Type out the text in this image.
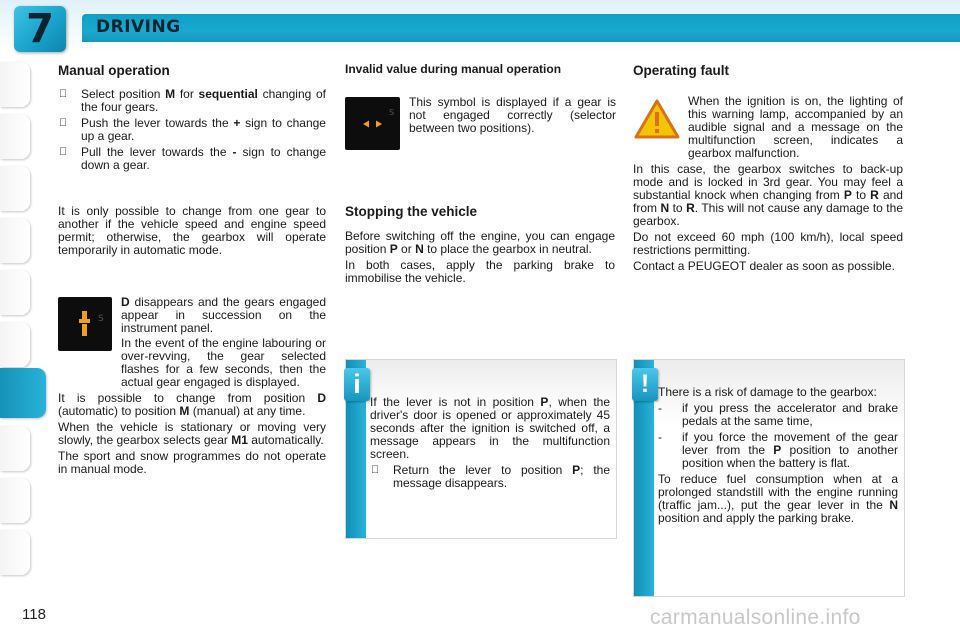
7	DRIVING
Manual operation
Select position M for sequential changing of the four gears.
Push the lever towards the + sign to change up a gear.
Pull the lever towards the - sign to change down a gear.

It is only possible to change from one gear to another if the vehicle speed and engine speed permit; otherwise, the gearbox will operate temporarily in automatic mode.

S
D disappears and the gears engaged appear in succession on the instrument panel.

In the event of the engine labouring or over-revving, the gear selected flashes for a few seconds, then the actual gear engaged is displayed.

It is possible to change from position D (automatic) to position M (manual) at any time.

When the vehicle is stationary or moving very slowly, the gearbox selects gear M1 automatically.

The sport and snow programmes do not operate in manual mode.

Invalid value during manual operation
S

This symbol is displayed if a gear is not engaged correctly (selector between two positions).

Stopping the vehicle

Before switching off the engine, you can engage position P or N to place the gearbox in neutral.

In both cases, apply the parking brake to immobilise the vehicle.

i

If the lever is not in position P, when the driver's door is opened or approximately 45 seconds after the ignition is switched off, a message appears in the multifunction screen.

Return the lever to position P; the message disappears.
Operating fault

When the ignition is on, the lighting of this warning lamp, accompanied by an audible signal and a message on the multifunction screen, indicates a gearbox malfunction.

In this case, the gearbox switches to back-up mode and is locked in 3rd gear. You may feel a substantial knock when changing from P to R and from N to R. This will not cause any damage to the gearbox.

Do not exceed 60 mph (100 km/h), local speed restrictions permitting.

Contact a PEUGEOT dealer as soon as possible.

! There is a risk of damage to the gearbox:

- if you press the accelerator and brake pedals at the same time,
- if you force the movement of the gear lever from the P position to another position when the battery is flat.

To reduce fuel consumption when at a prolonged standstill with the engine running (traffic jam...), put the gear lever in the N position and apply the parking brake.

118	carmanualsonline.info
